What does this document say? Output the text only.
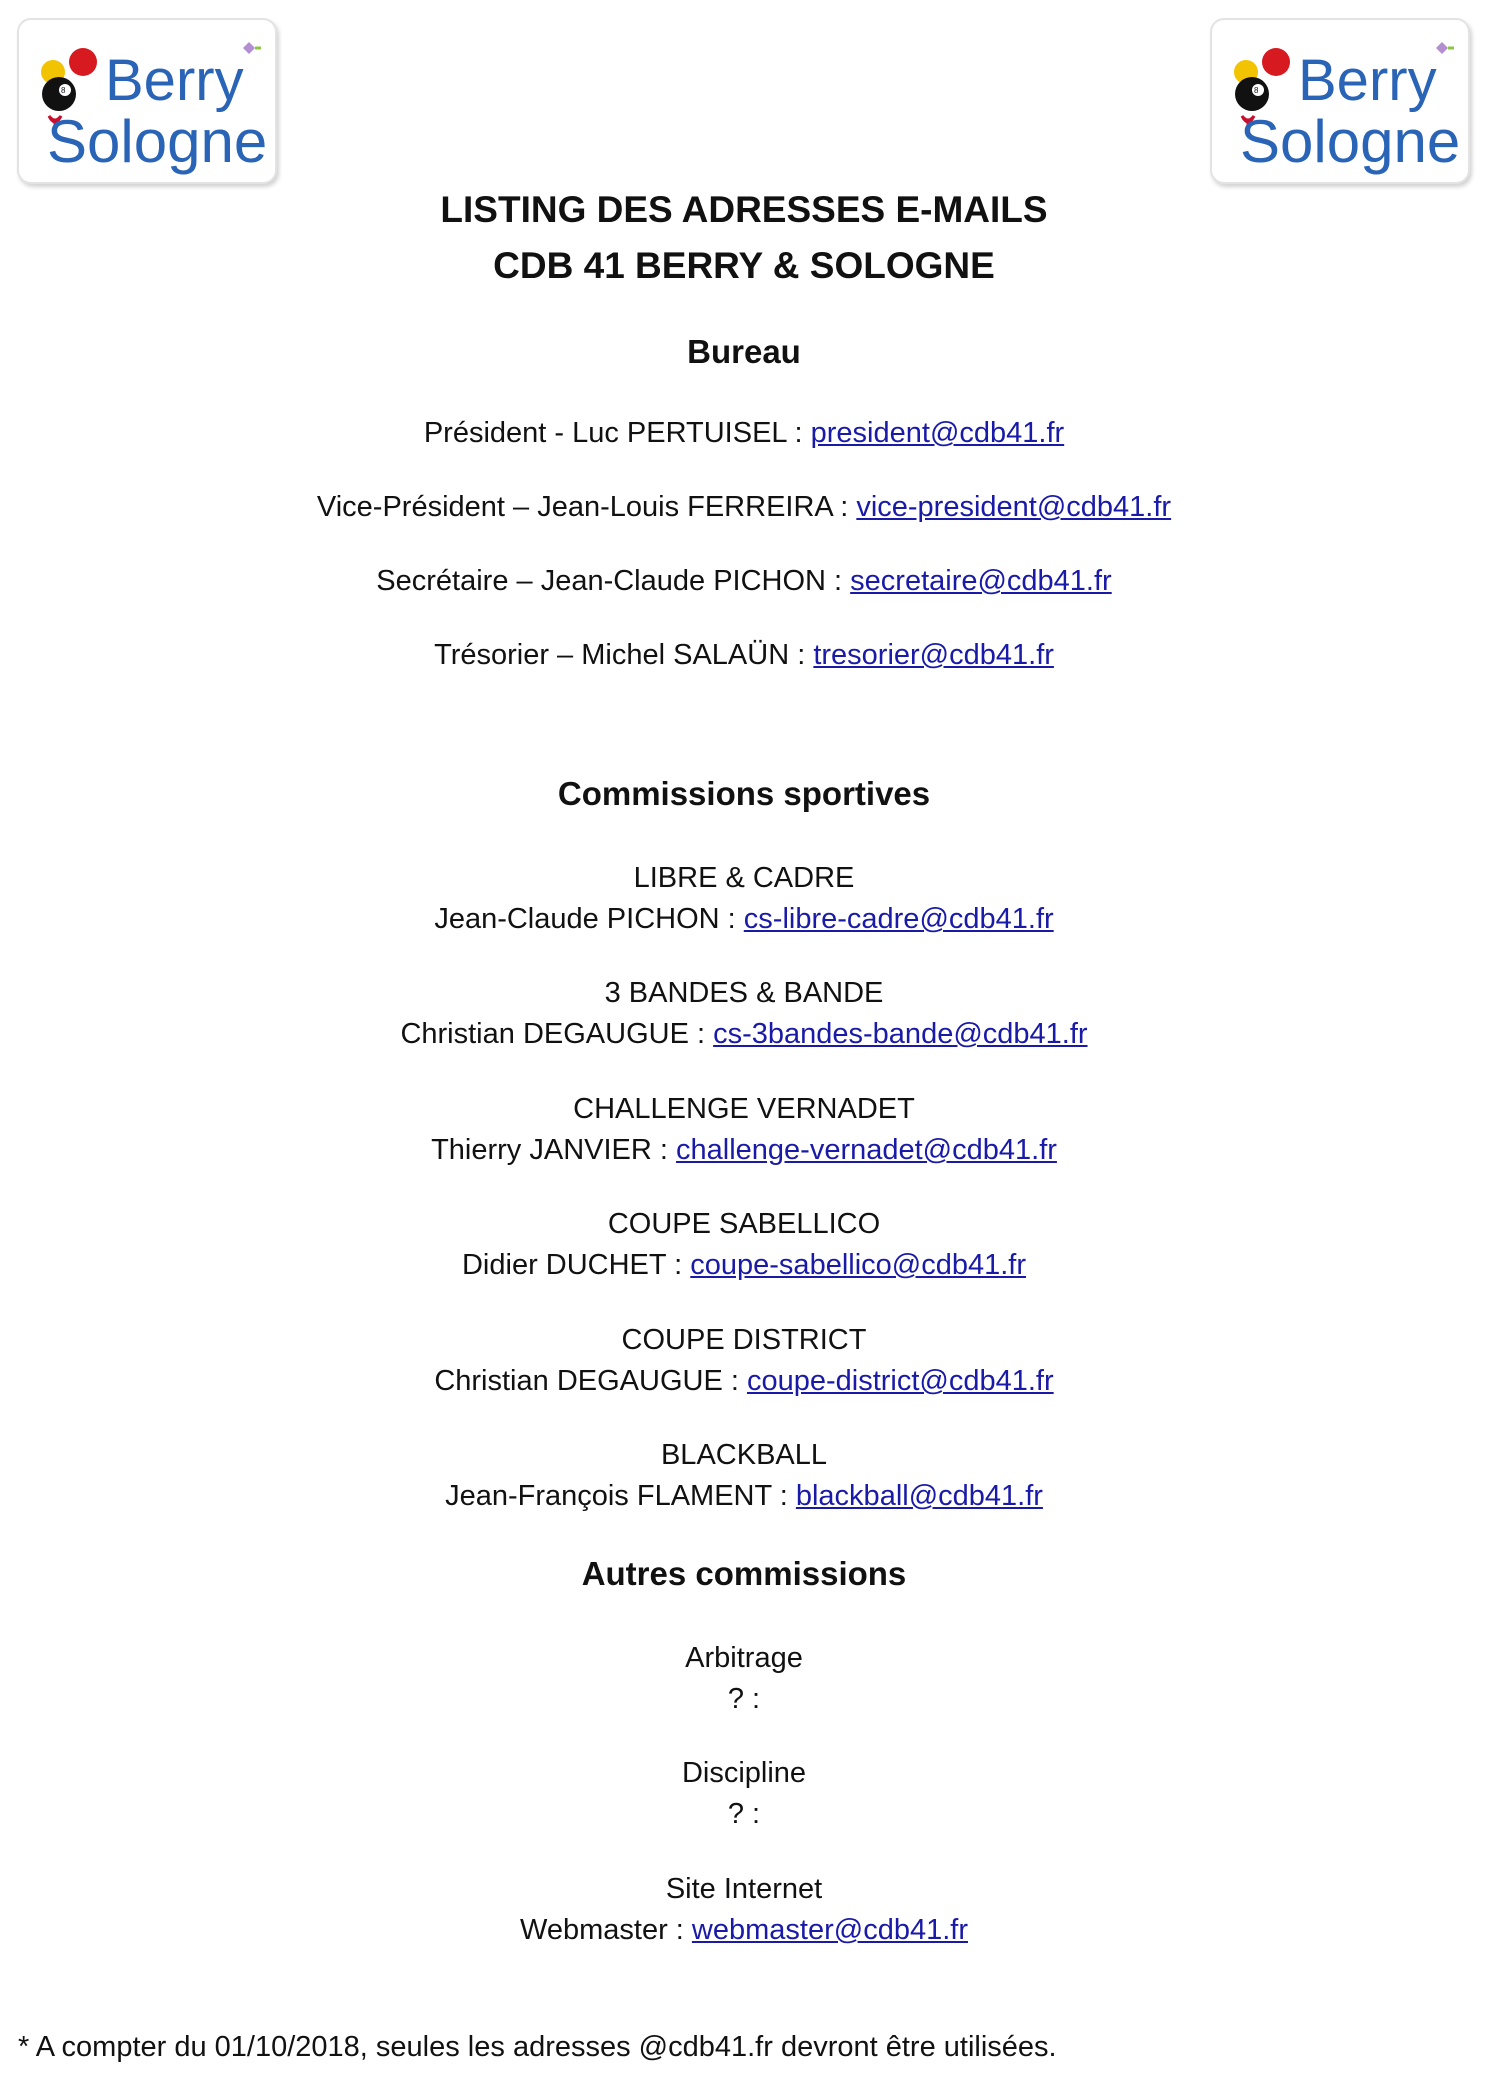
8 Berry
Sologne
8 Berry
Sologne
LISTING DES ADRESSES E-MAILS
CDB 41 BERRY & SOLOGNE
Bureau
Président - Luc PERTUISEL : president@cdb41.fr
Vice-Président – Jean-Louis FERREIRA : vice-president@cdb41.fr
Secrétaire – Jean-Claude PICHON : secretaire@cdb41.fr
Trésorier – Michel SALAÜN : tresorier@cdb41.fr
Commissions sportives
LIBRE & CADRE
Jean-Claude PICHON : cs-libre-cadre@cdb41.fr
3 BANDES & BANDE
Christian DEGAUGUE : cs-3bandes-bande@cdb41.fr
CHALLENGE VERNADET
Thierry JANVIER : challenge-vernadet@cdb41.fr
COUPE SABELLICO
Didier DUCHET : coupe-sabellico@cdb41.fr
COUPE DISTRICT
Christian DEGAUGUE : coupe-district@cdb41.fr
BLACKBALL
Jean-François FLAMENT : blackball@cdb41.fr
Autres commissions
Arbitrage
? :
Discipline
? :
Site Internet
Webmaster : webmaster@cdb41.fr
* A compter du 01/10/2018, seules les adresses @cdb41.fr devront être utilisées.
